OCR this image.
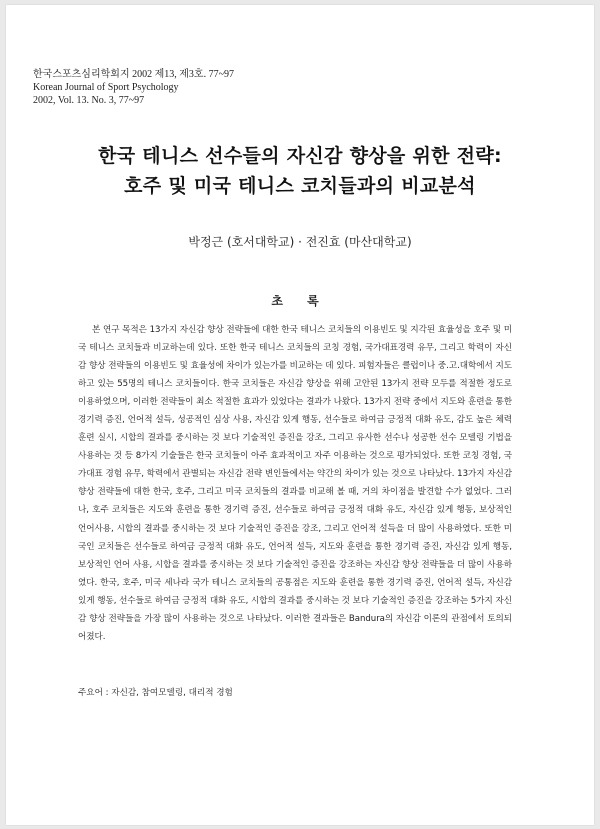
한국스포츠심리학회지 2002 제13, 제3호. 77~97
Korean Journal of Sport Psychology
2002, Vol. 13. No. 3, 77~97
한국 테니스 선수들의 자신감 향상을 위한 전략:
호주 및 미국 테니스 코치들과의 비교분석
박정근 (호서대학교) · 전진효 (마산대학교)
초 록

본 연구 목적은 13가지 자신감 향상 전략들에 대한 한국 테니스 코치들의 이용빈도 및 지각된 효율성을 호주 및 미국 테니스 코치들과 비교하는데 있다. 또한 한국 테니스 코치들의 코칭 경험, 국가대표경력 유무, 그리고 학력이 자신감 향상 전략들의 이용빈도 및 효율성에 차이가 있는가를 비교하는 데 있다. 피험자들은 클럽이나 중.고.대학에서 지도하고 있는 55명의 테니스 코치들이다. 한국 코치들은 자신감 향상을 위해 고안된 13가지 전략 모두를 적절한 정도로 이용하였으며, 이러한 전략들이 최소 적절한 효과가 있었다는 결과가 나왔다. 13가지 전략 중에서 지도와 훈련을 통한 경기력 증진, 언어적 설득, 성공적인 심상 사용, 자신감 있게 행동, 선수들로 하여금 긍정적 대화 유도, 감도 높은 체력훈련 실시, 시합의 결과를 중시하는 것 보다 기술적인 증진을 강조, 그리고 유사한 선수나 성공한 선수 모델링 기법을 사용하는 것 등 8가지 기술들은 한국 코치들이 아주 효과적이고 자주 이용하는 것으로 평가되었다. 또한 코칭 경험, 국가대표 경험 유무, 학력에서 관별되는 자신감 전략 변인들에서는 약간의 차이가 있는 것으로 나타났다. 13가지 자신감 향상 전략들에 대한 한국, 호주, 그리고 미국 코치들의 결과를 비교해 볼 때, 거의 차이점을 발견할 수가 없었다. 그러나, 호주 코치들은 지도와 훈련을 통한 경기력 증진, 선수들로 하여금 긍정적 대화 유도, 자신감 있게 행동, 보상적인 언어사용, 시합의 결과를 중시하는 것 보다 기술적인 증진을 강조, 그리고 언어적 설득을 더 많이 사용하였다. 또한 미국인 코치들은 선수들로 하여금 긍정적 대화 유도, 언어적 설득, 지도와 훈련을 통한 경기력 증진, 자신감 있게 행동, 보상적인 언어 사용, 시합을 결과를 중시하는 것 보다 기술적인 증진을 강조하는 자신감 향상 전략들을 더 많이 사용하였다. 한국, 호주, 미국 세나라 국가 테니스 코치들의 공통점은 지도와 훈련을 통한 경기력 증진, 언어적 설득, 자신감 있게 행동, 선수들로 하여금 긍정적 대화 유도, 시합의 결과를 중시하는 것 보다 기술적인 증진을 강조하는 5가지 자신감 향상 전략들을 가장 많이 사용하는 것으로 나타났다. 이러한 결과들은 Bandura의 자신감 이론의 관점에서 토의되어졌다.

주요어 : 자신감, 참여모델링, 대리적 경험
